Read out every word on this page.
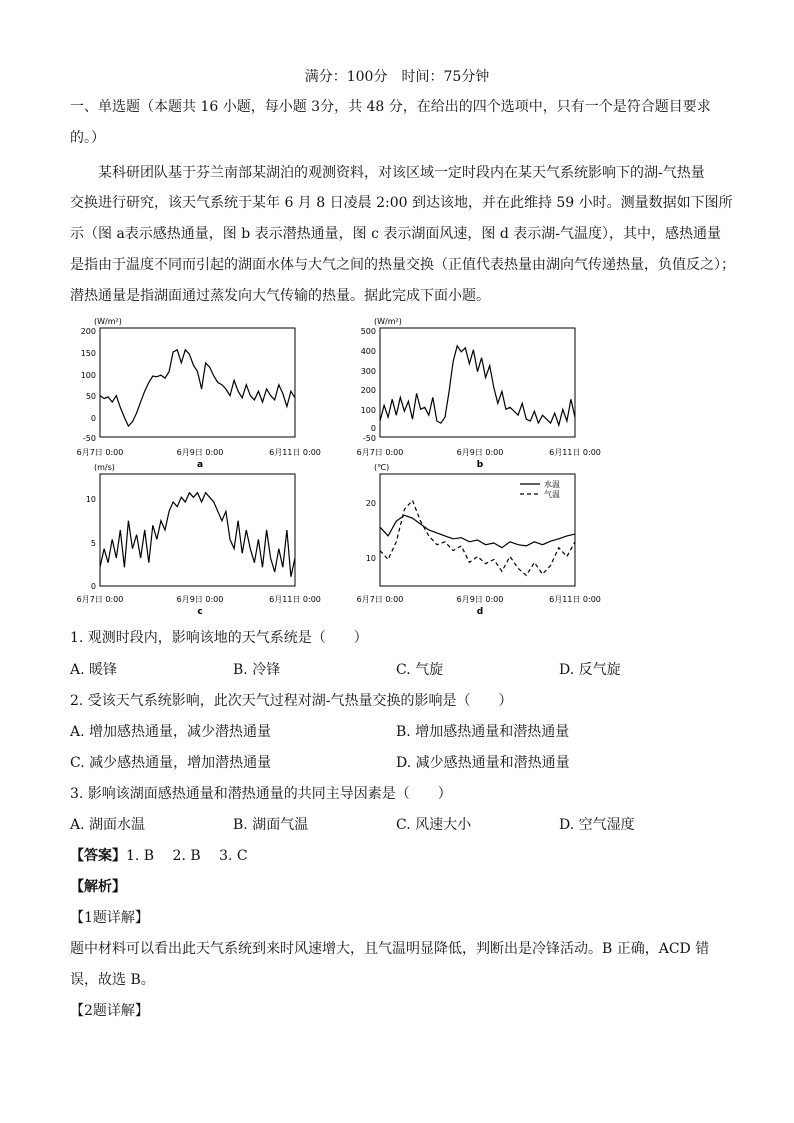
满分：100分　时间：75分钟
一、单选题（本题共 16 小题，每小题 3分，共 48 分，在给出的四个选项中，只有一个是符合题目要求
的。）
某科研团队基于芬兰南部某湖泊的观测资料，对该区域一定时段内在某天气系统影响下的湖-气热量
交换进行研究，该天气系统于某年 6 月 8 日凌晨 2:00 到达该地，并在此维持 59 小时。测量数据如下图所
示（图 a表示感热通量，图 b 表示潜热通量，图 c 表示湖面风速，图 d 表示湖-气温度），其中，感热通量
是指由于温度不同而引起的湖面水体与大气之间的热量交换（正值代表热量由湖向气传递热量，负值反之）；
潜热通量是指湖面通过蒸发向大气传输的热量。据此完成下面小题。
(W/m²)
200
150
100
50
0
-50
6月7日 0:00	6月9日 0:00	6月11日 0:00
a
(W/m²)
500
400
300
200
100
0
-50
6月7日 0:00	6月9日 0:00	6月11日 0:00
b
(m/s)
10
5
0
6月7日 0:00	6月9日 0:00	6月11日 0:00
c
(℃)
水温
气温
20
10
6月7日 0:00	6月9日 0:00	6月11日 0:00
d
1. 观测时段内，影响该地的天气系统是（　　）
A. 暖锋	B. 冷锋	C. 气旋	D. 反气旋
2. 受该天气系统影响，此次天气过程对湖-气热量交换的影响是（　　）
A. 增加感热通量，减少潜热通量	B. 增加感热通量和潜热通量
C. 减少感热通量，增加潜热通量	D. 减少感热通量和潜热通量
3. 影响该湖面感热通量和潜热通量的共同主导因素是（　　）
A. 湖面水温	B. 湖面气温	C. 风速大小	D. 空气湿度
【答案】1. B　 2. B　 3. C
【解析】
【1题详解】
题中材料可以看出此天气系统到来时风速增大，且气温明显降低，判断出是冷锋活动。B 正确，ACD 错
误，故选 B。
【2题详解】
